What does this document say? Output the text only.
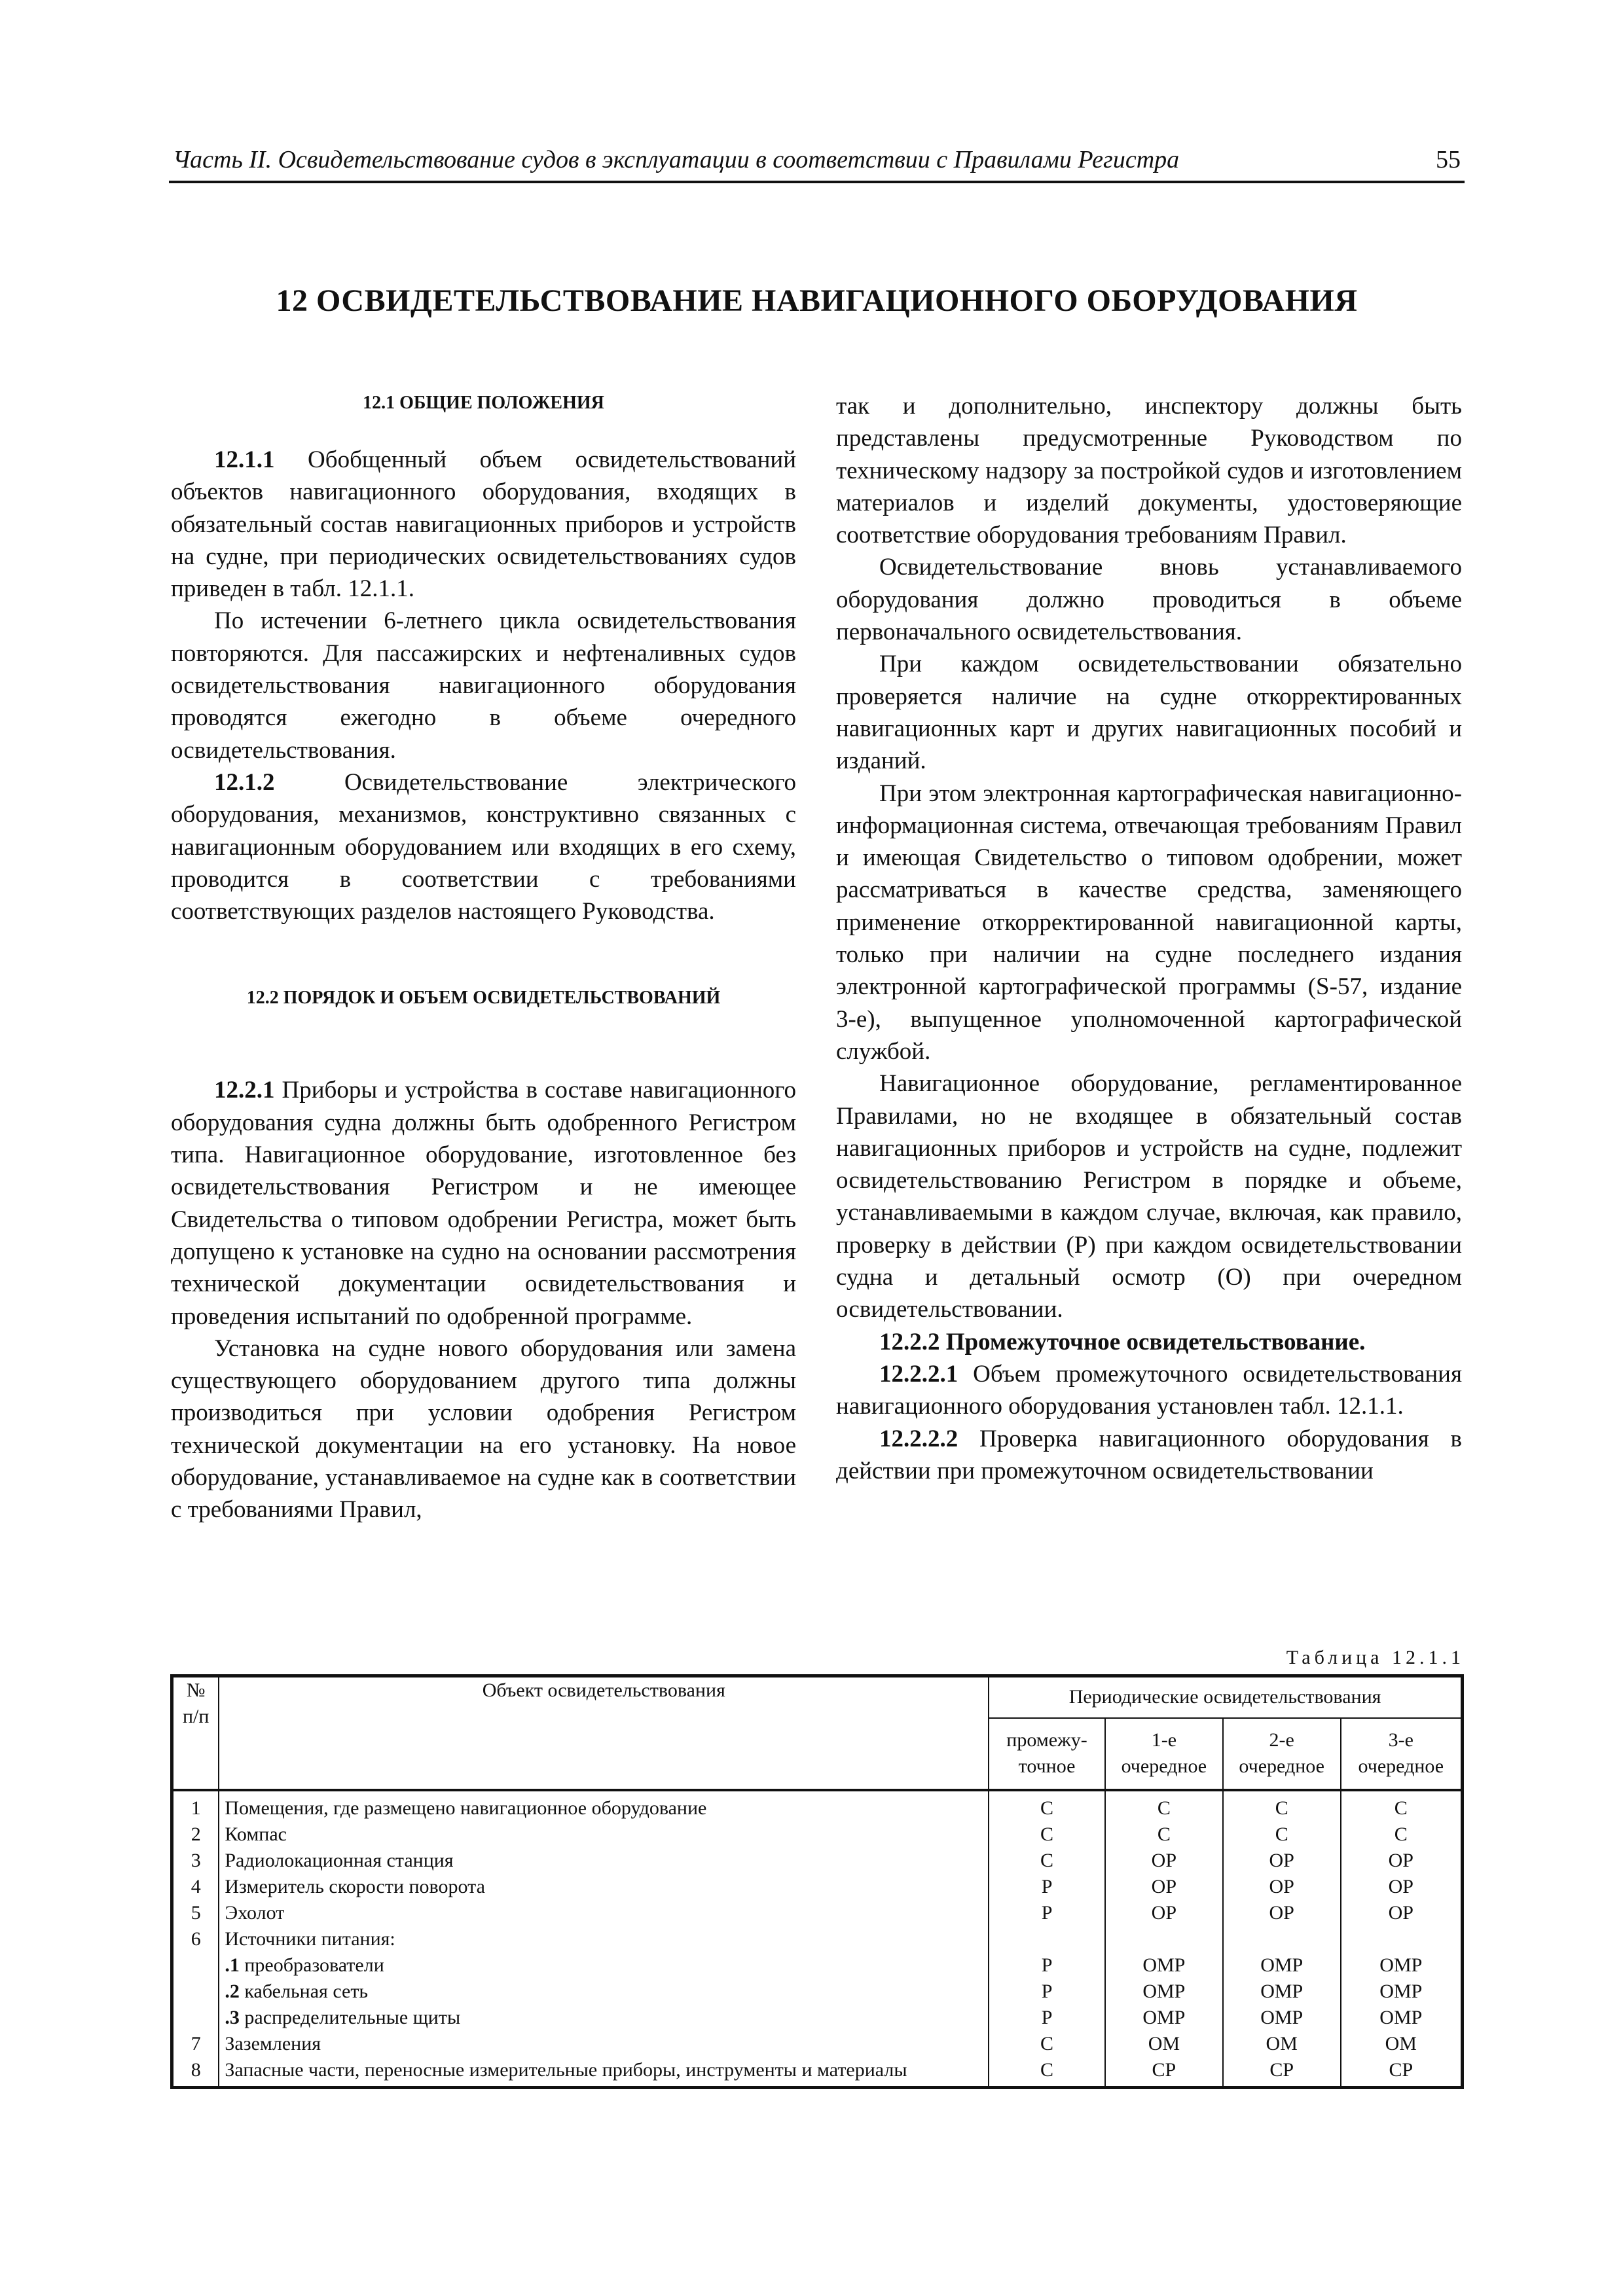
Часть II. Освидетельствование судов в эксплуатации в соответствии с Правилами Регистра	55
12 ОСВИДЕТЕЛЬСТВОВАНИЕ НАВИГАЦИОННОГО ОБОРУДОВАНИЯ

12.1 ОБЩИЕ ПОЛОЖЕНИЯ

12.1.1 Обобщенный объем освидетельствований объектов навигационного оборудования, входящих в обязательный состав навигационных приборов и устройств на судне, при периодических освидетельствованиях судов приведен в табл. 12.1.1.

По истечении 6-летнего цикла освидетельствования повторяются. Для пассажирских и нефтеналивных судов освидетельствования навигационного оборудования проводятся ежегодно в объеме очередного освидетельствования.

12.1.2 Освидетельствование электрического оборудования, механизмов, конструктивно связанных с навигационным оборудованием или входящих в его схему, проводится в соответствии с требованиями соответствующих разделов настоящего Руководства.

12.2 ПОРЯДОК И ОБЪЕМ ОСВИДЕТЕЛЬСТВОВАНИЙ

12.2.1 Приборы и устройства в составе навигационного оборудования судна должны быть одобренного Регистром типа. Навигационное оборудование, изготовленное без освидетельствования Регистром и не имеющее Свидетельства о типовом одобрении Регистра, может быть допущено к установке на судно на основании рассмотрения технической документации освидетельствования и проведения испытаний по одобренной программе.

Установка на судне нового оборудования или замена существующего оборудованием другого типа должны производиться при условии одобрения Регистром технической документации на его установку. На новое оборудование, устанавливаемое на судне как в соответствии с требованиями Правил,

так и дополнительно, инспектору должны быть представлены предусмотренные Руководством по техническому надзору за постройкой судов и изготовлением материалов и изделий документы, удостоверяющие соответствие оборудования требованиям Правил.

Освидетельствование вновь устанавливаемого оборудования должно проводиться в объеме первоначального освидетельствования.

При каждом освидетельствовании обязательно проверяется наличие на судне откорректированных навигационных карт и других навигационных пособий и изданий.

При этом электронная картографическая навигационно-информационная система, отвечающая требованиям Правил и имеющая Свидетельство о типовом одобрении, может рассматриваться в качестве средства, заменяющего применение откорректированной навигационной карты, только при наличии на судне последнего издания электронной картографической программы (S-57, издание 3-е), выпущенное уполномоченной картографической службой.

Навигационное оборудование, регламентированное Правилами, но не входящее в обязательный состав навигационных приборов и устройств на судне, подлежит освидетельствованию Регистром в порядке и объеме, устанавливаемыми в каждом случае, включая, как правило, проверку в действии (Р) при каждом освидетельствовании судна и детальный осмотр (О) при очередном освидетельствовании.

12.2.2 Промежуточное освидетельствование.

12.2.2.1 Объем промежуточного освидетельствования навигационного оборудования установлен табл. 12.1.1.

12.2.2.2 Проверка навигационного оборудования в действии при промежуточном освидетельствовании

Таблица 12.1.1
№ п/п	Объект освидетельствования	Периодические освидетельствования			
		промежу-точное	1-е очередное	2-е очередное	3-е очередное
1	Помещения, где размещено навигационное оборудование	С	С	С	С
2	Компас	С	С	С	С
3	Радиолокационная станция	С	ОР	ОР	ОР
4	Измеритель скорости поворота	Р	ОР	ОР	ОР
5	Эхолот	Р	ОР	ОР	ОР
6	Источники питания:				
	.1 преобразователи	Р	ОМР	ОМР	ОМР
	.2 кабельная сеть	Р	ОМР	ОМР	ОМР
	.3 распределительные щиты	Р	ОМР	ОМР	ОМР
7	Заземления	С	ОМ	ОМ	ОМ
8	Запасные части, переносные измерительные приборы, инструменты и материалы	С	СР	СР	СР
